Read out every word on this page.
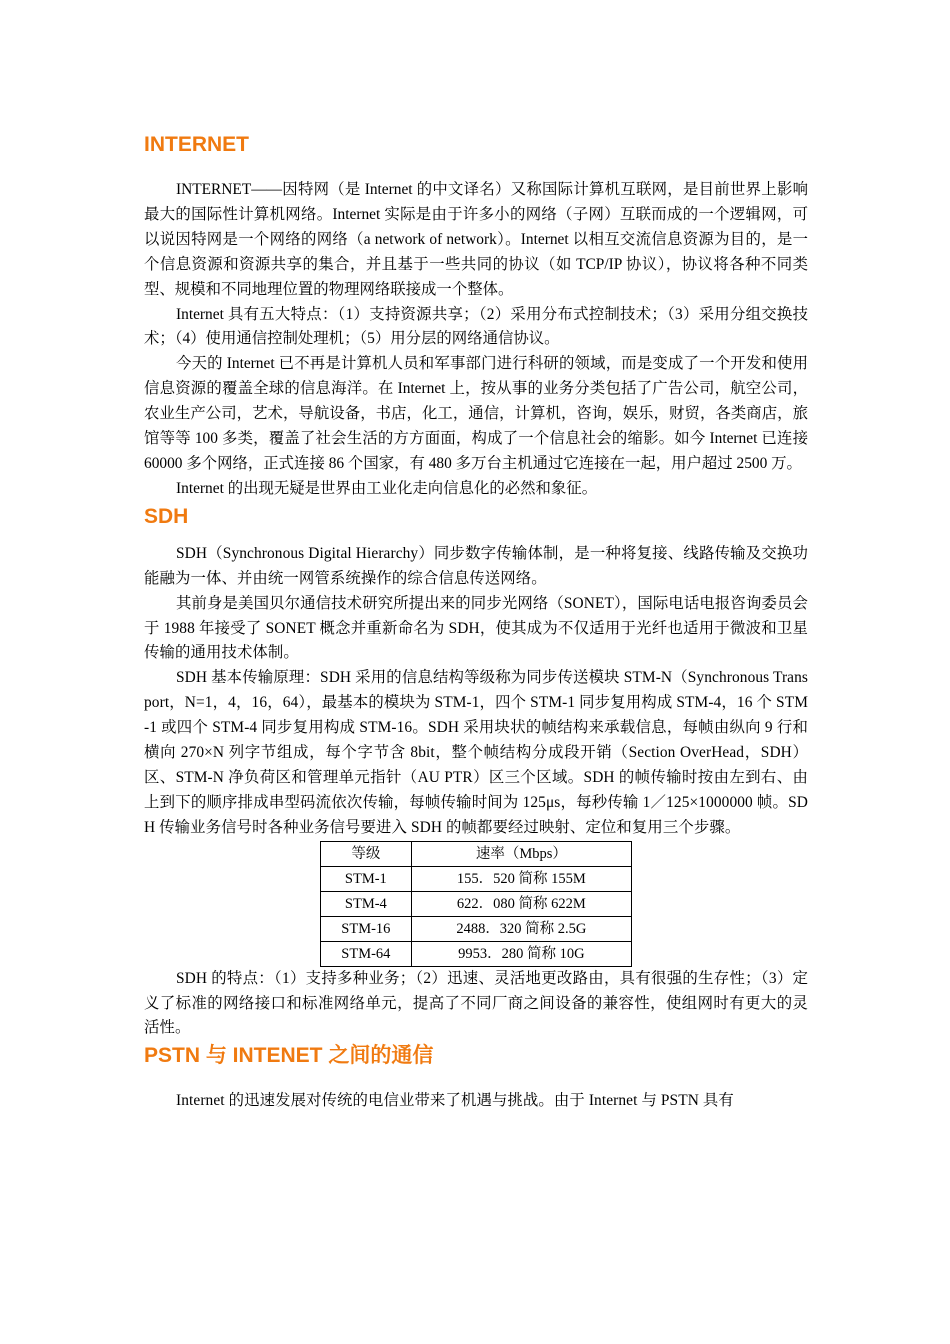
INTERNET

INTERNET——因特网（是 Internet 的中文译名）又称国际计算机互联网，是目前世界上影响最大的国际性计算机网络。Internet 实际是由于许多小的网络（子网）互联而成的一个逻辑网，可以说因特网是一个网络的网络（a network of network）。Internet 以相互交流信息资源为目的，是一个信息资源和资源共享的集合，并且基于一些共同的协议（如 TCP/IP 协议），协议将各种不同类型、规模和不同地理位置的物理网络联接成一个整体。

Internet 具有五大特点：（1）支持资源共享；（2）采用分布式控制技术；（3）采用分组交换技术；（4）使用通信控制处理机；（5）用分层的网络通信协议。

今天的 Internet 已不再是计算机人员和军事部门进行科研的领域，而是变成了一个开发和使用信息资源的覆盖全球的信息海洋。在 Internet 上，按从事的业务分类包括了广告公司，航空公司，农业生产公司，艺术，导航设备，书店，化工，通信，计算机，咨询，娱乐，财贸，各类商店，旅馆等等 100 多类，覆盖了社会生活的方方面面，构成了一个信息社会的缩影。如今 Internet 已连接 60000 多个网络，正式连接 86 个国家，有 480 多万台主机通过它连接在一起，用户超过 2500 万。

Internet 的出现无疑是世界由工业化走向信息化的必然和象征。

SDH

SDH（Synchronous Digital Hierarchy）同步数字传输体制，是一种将复接、线路传输及交换功能融为一体、并由统一网管系统操作的综合信息传送网络。

其前身是美国贝尔通信技术研究所提出来的同步光网络（SONET），国际电话电报咨询委员会于 1988 年接受了 SONET 概念并重新命名为 SDH，使其成为不仅适用于光纤也适用于微波和卫星传输的通用技术体制。

SDH 基本传输原理：SDH 采用的信息结构等级称为同步传送模块 STM-N（Synchronous Transport，N=1，4，16，64），最基本的模块为 STM-1，四个 STM-1 同步复用构成 STM-4，16 个 STM-1 或四个 STM-4 同步复用构成 STM-16。SDH 采用块状的帧结构来承载信息，每帧由纵向 9 行和横向 270×N 列字节组成，每个字节含 8bit，整个帧结构分成段开销（Section OverHead，SDH）区、STM-N 净负荷区和管理单元指针（AU PTR）区三个区域。SDH 的帧传输时按由左到右、由上到下的顺序排成串型码流依次传输，每帧传输时间为 125μs，每秒传输 1／125×1000000 帧。SDH 传输业务信号时各种业务信号要进入 SDH 的帧都要经过映射、定位和复用三个步骤。

等级	速率（Mbps）
STM-1	155．520 简称 155M
STM-4	622．080 简称 622M
STM-16	2488．320 简称 2.5G
STM-64	9953．280 简称 10G

SDH 的特点：（1）支持多种业务；（2）迅速、灵活地更改路由，具有很强的生存性；（3）定义了标准的网络接口和标准网络单元，提高了不同厂商之间设备的兼容性，使组网时有更大的灵活性。

PSTN 与 INTENET 之间的通信

Internet 的迅速发展对传统的电信业带来了机遇与挑战。由于 Internet 与 PSTN 具有
